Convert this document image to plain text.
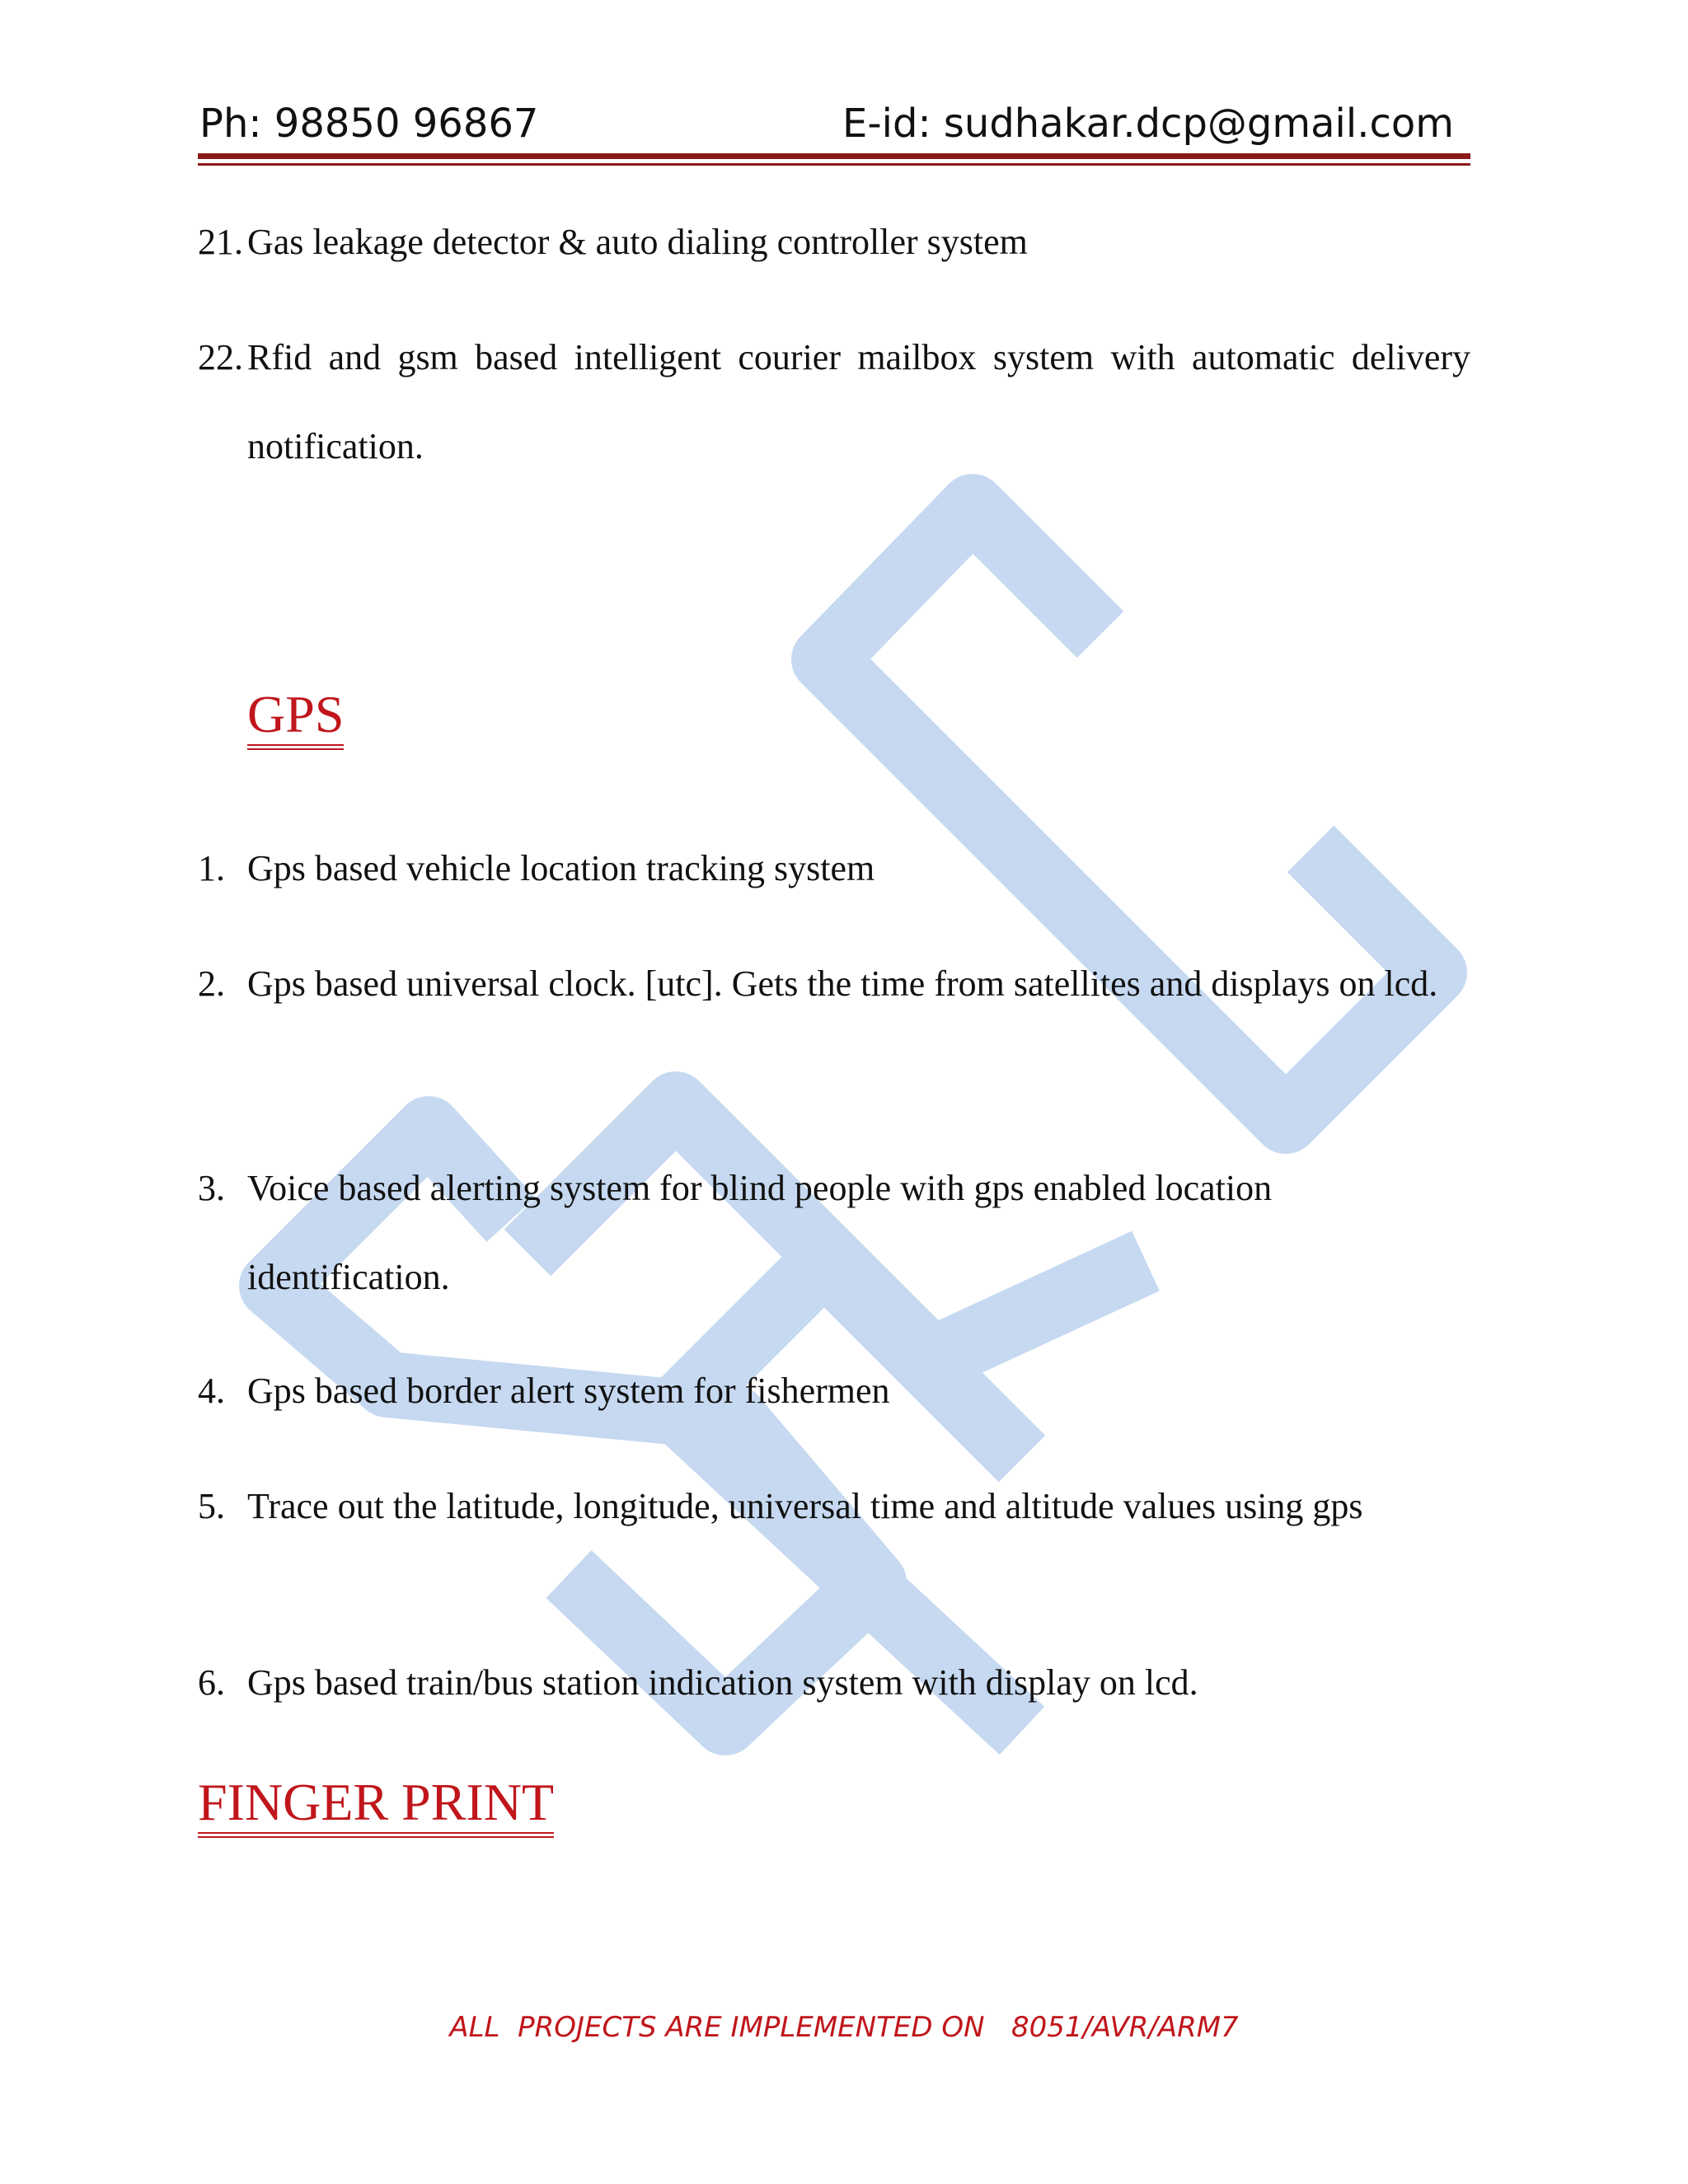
Ph: 98850 96867	E-id: sudhakar.dcp@gmail.com
21. Gas leakage detector & auto dialing controller system
22. Rfid and gsm based intelligent courier mailbox system with automatic delivery notification.
GPS
1. Gps based vehicle location tracking system
2. Gps based universal clock. [utc]. Gets the time from satellites and displays on lcd.
3. Voice based alerting system for blind people with gps enabled location identification.
4. Gps based border alert system for fishermen
5. Trace out the latitude, longitude, universal time and altitude values using gps
6. Gps based train/bus station indication system with display on lcd.
FINGER PRINT
ALL  PROJECTS ARE IMPLEMENTED ON   8051/AVR/ARM7
